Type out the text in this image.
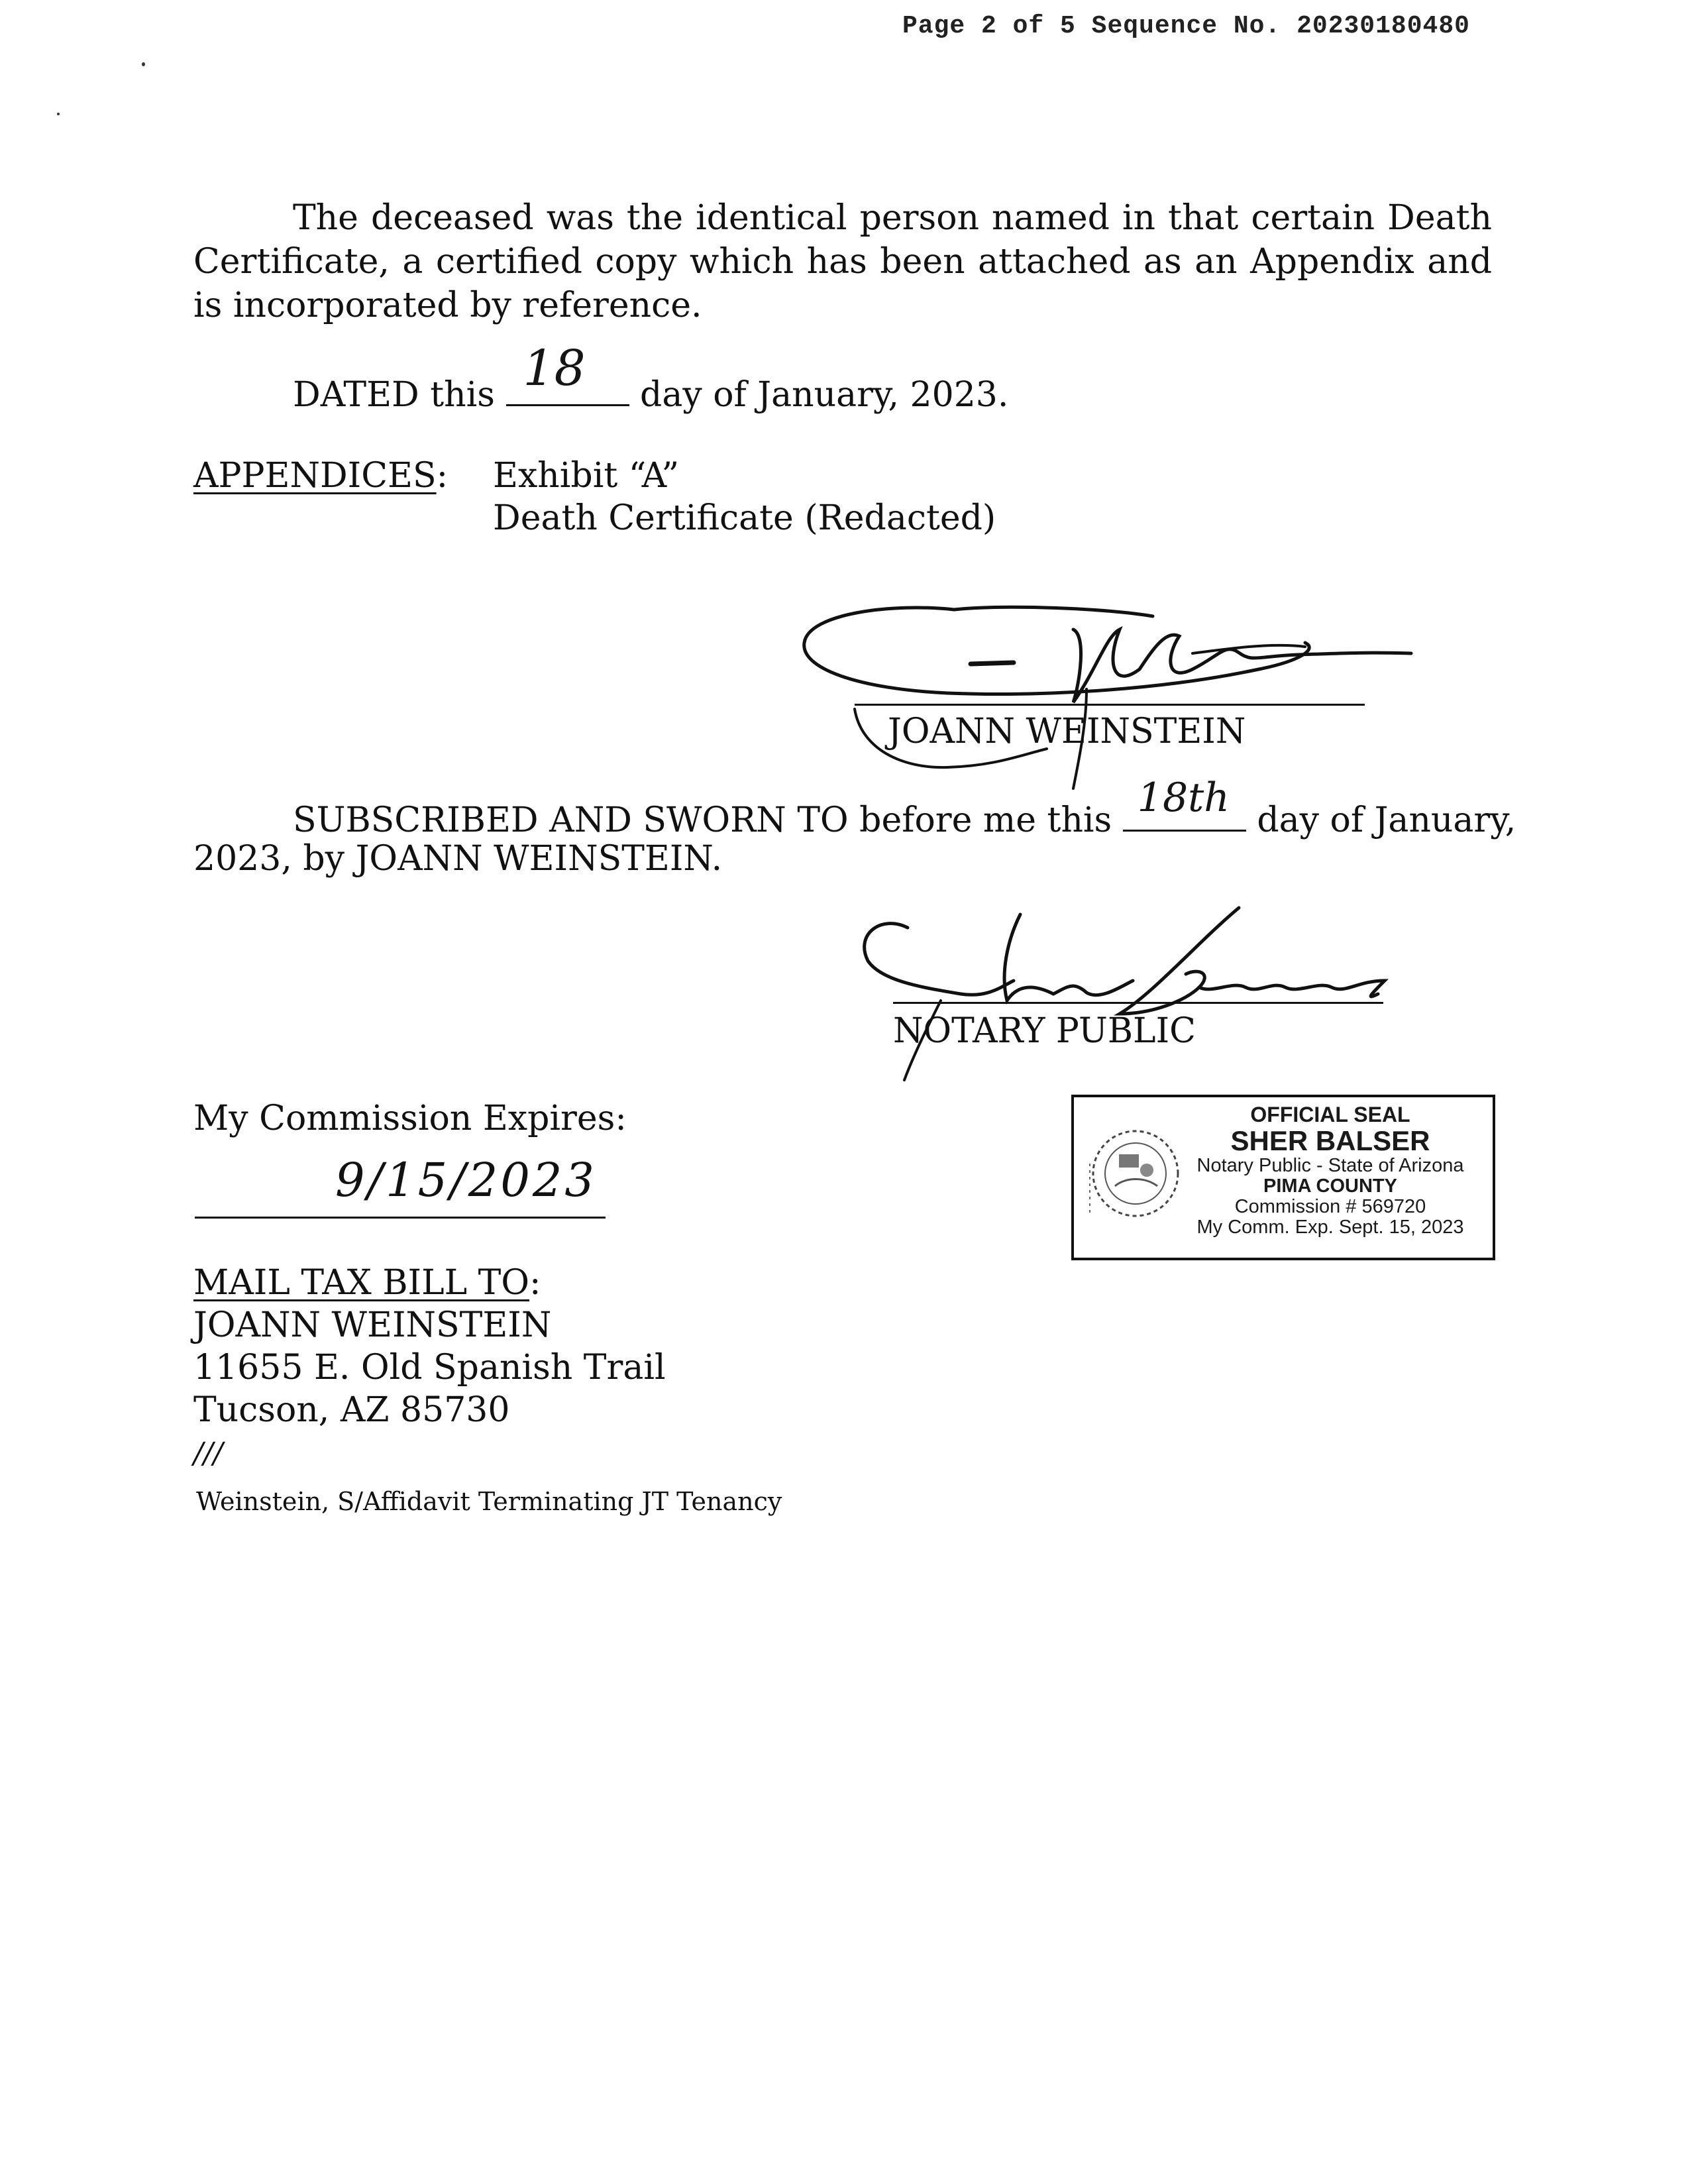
Page 2 of 5 Sequence No. 20230180480
The deceased was the identical person named in that certain Death Certificate, a certified copy which has been attached as an Appendix and is incorporated by reference.
DATED this 18 day of January, 2023.
APPENDICES: Exhibit “A”
Death Certificate (Redacted)
JOANN WEINSTEIN
SUBSCRIBED AND SWORN TO before me this 18th day of January,
2023, by JOANN WEINSTEIN.
NOTARY PUBLIC
My Commission Expires:
9/15/2023
OFFICIAL SEAL
SHER BALSER
Notary Public - State of Arizona
PIMA COUNTY
Commission # 569720
My Comm. Exp. Sept. 15, 2023
MAIL TAX BILL TO:
JOANN WEINSTEIN
11655 E. Old Spanish Trail
Tucson, AZ 85730
///
Weinstein, S/Affidavit Terminating JT Tenancy
